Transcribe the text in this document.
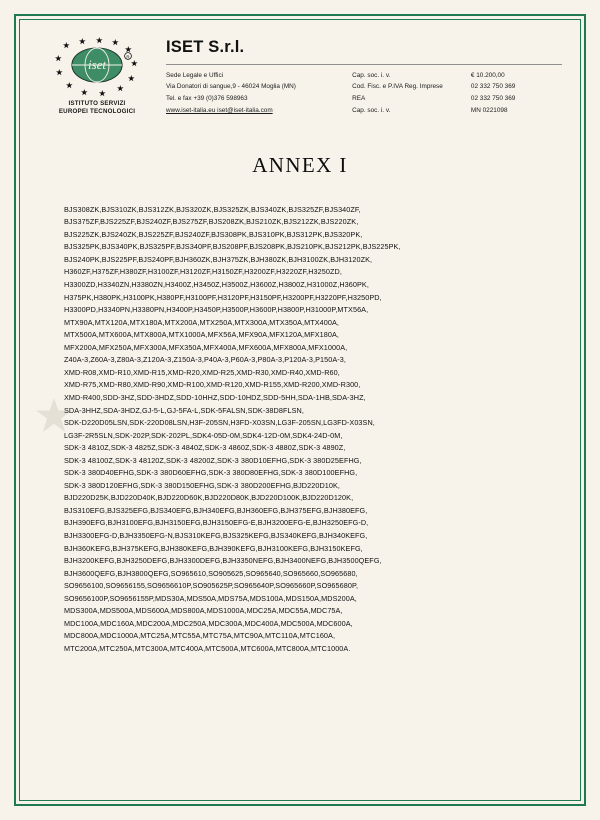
iset
R
ISTITUTO SERVIZI
EUROPEI TECNOLOGICI
ISET S.r.l.
Sede Legale e Uffici	Cap. soc. i. v.	€ 10.200,00
Via Donatori di sangue,9 - 46024 Moglia (MN)	Cod. Fisc. e P.IVA Reg. Imprese	02 332 750 369
Tel. e fax +39 (0)376 598963	REA	02 332 750 369
www.iset-italia.eu iset@iset-italia.com	Cap. soc. i. v.	MN 0221098
ANNEX I
BJS308ZK,BJS310ZK,BJS312ZK,BJS320ZK,BJS325ZK,BJS340ZK,BJS325ZF,BJS340ZF,
BJS375ZF,BJS225ZF,BJS240ZF,BJS275ZF,BJS208ZK,BJS210ZK,BJS212ZK,BJS220ZK,
BJS225ZK,BJS240ZK,BJS225ZF,BJS240ZF,BJS308PK,BJS310PK,BJS312PK,BJS320PK,
BJS325PK,BJS340PK,BJS325PF,BJS340PF,BJS208PF,BJS208PK,BJS210PK,BJS212PK,BJS225PK,
BJS240PK,BJS225PF,BJS240PF,BJH360ZK,BJH375ZK,BJH380ZK,BJH3100ZK,BJH3120ZK,
H360ZF,H375ZF,H380ZF,H3100ZF,H3120ZF,H3150ZF,H3200ZF,H3220ZF,H3250ZD,
H3300ZD,H3340ZN,H3380ZN,H3400Z,H3450Z,H3500Z,H3600Z,H3800Z,H31000Z,H360PK,
H375PK,H380PK,H3100PK,H380PF,H3100PF,H3120PF,H3150PF,H3200PF,H3220PF,H3250PD,
H3300PD,H3340PN,H3380PN,H3400P,H3450P,H3500P,H3600P,H3800P,H31000P,MTX56A,
MTX90A,MTX120A,MTX180A,MTX200A,MTX250A,MTX300A,MTX350A,MTX400A,
MTX500A,MTX600A,MTX800A,MTX1000A,MFX56A,MFX90A,MFX120A,MFX180A,
MFX200A,MFX250A,MFX300A,MFX350A,MFX400A,MFX600A,MFX800A,MFX1000A,
Z40A-3,Z60A-3,Z80A-3,Z120A-3,Z150A-3,P40A-3,P60A-3,P80A-3,P120A-3,P150A-3,
XMD-R08,XMD-R10,XMD-R15,XMD-R20,XMD-R25,XMD-R30,XMD-R40,XMD-R60,
XMD-R75,XMD-R80,XMD-R90,XMD-R100,XMD-R120,XMD-R155,XMD-R200,XMD-R300,
XMD-R400,SDD-3HZ,SDD-3HDZ,SDD-10HHZ,SDD-10HDZ,SDD-5HH,SDA-1HB,SDA-3HZ,
SDA-3HHZ,SDA-3HDZ,GJ-5-L,GJ-5FA-L,SDK-5FALSN,SDK-38D8FLSN,
SDK-D220D05LSN,SDK-220D08LSN,H3F-205SN,H3FD-X03SN,LG3F-205SN,LG3FD-X03SN,
LG3F-2R5SLN,SDK-202P,SDK-202PL,SDK4-05D-0M,SDK4-12D-0M,SDK4-24D-0M,
SDK-3 4810Z,SDK-3 4825Z,SDK-3 4840Z,SDK-3 4860Z,SDK-3 4880Z,SDK-3 4890Z,
SDK-3 48100Z,SDK-3 48120Z,SDK-3 48200Z,SDK-3 380D10EFHG,SDK-3 380D25EFHG,
SDK-3 380D40EFHG,SDK-3 380D60EFHG,SDK-3 380D80EFHG,SDK-3 380D100EFHG,
SDK-3 380D120EFHG,SDK-3 380D150EFHG,SDK-3 380D200EFHG,BJD220D10K,
BJD220D25K,BJD220D40K,BJD220D60K,BJD220D80K,BJD220D100K,BJD220D120K,
BJS310EFG,BJS325EFG,BJS340EFG,BJH340EFG,BJH360EFG,BJH375EFG,BJH380EFG,
BJH390EFG,BJH3100EFG,BJH3150EFG,BJH3150EFG-E,BJH3200EFG-E,BJH3250EFG-D,
BJH3300EFG-D,BJH3350EFG-N,BJS310KEFG,BJS325KEFG,BJS340KEFG,BJH340KEFG,
BJH360KEFG,BJH375KEFG,BJH380KEFG,BJH390KEFG,BJH3100KEFG,BJH3150KEFG,
BJH3200KEFG,BJH3250DEFG,BJH3300DEFG,BJH3350NEFG,BJH3400NEFG,BJH3500QEFG,
BJH3600QEFG,BJH3800QEFG,SO965610,SO905625,SO965640,SO965660,SO965680,
SO9656100,SO9656155,SO9656610P,SO905625P,SO965640P,SO965660P,SO965680P,
SO9656100P,SO9656155P,MDS30A,MDS50A,MDS75A,MDS100A,MDS150A,MDS200A,
MDS300A,MDS500A,MDS600A,MDS800A,MDS1000A,MDC25A,MDC55A,MDC75A,
MDC100A,MDC160A,MDC200A,MDC250A,MDC300A,MDC400A,MDC500A,MDC600A,
MDC800A,MDC1000A,MTC25A,MTC55A,MTC75A,MTC90A,MTC110A,MTC160A,
MTC200A,MTC250A,MTC300A,MTC400A,MTC500A,MTC600A,MTC800A,MTC1000A.
